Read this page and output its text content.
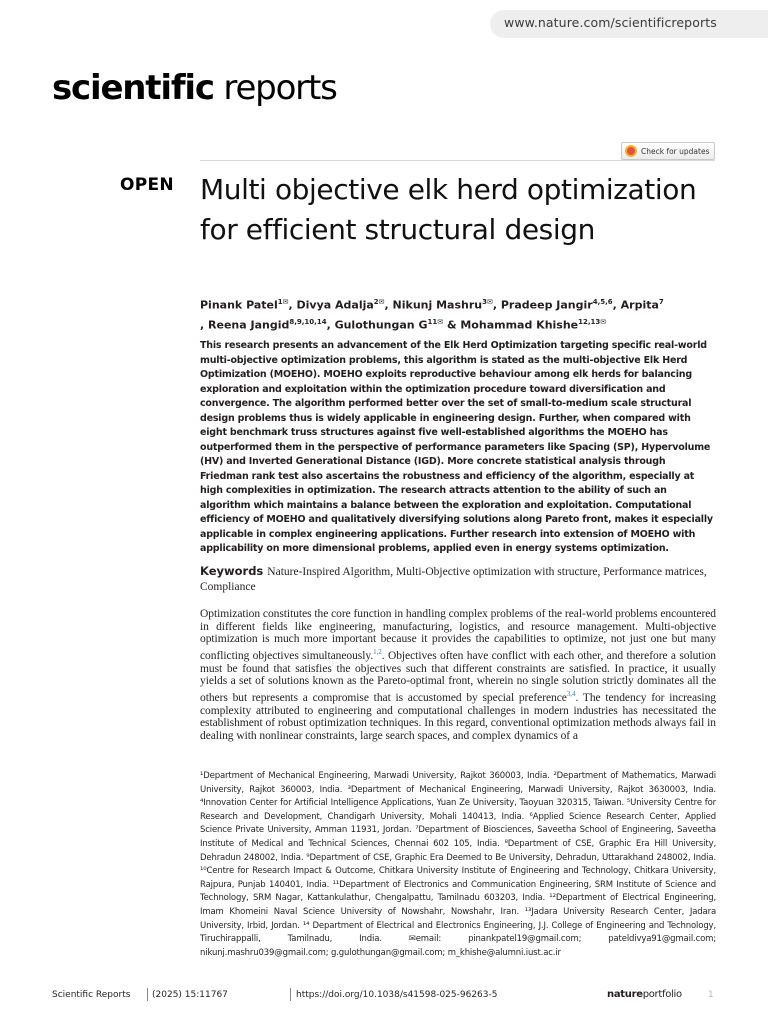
www.nature.com/scientificreports
scientific reports
Check for updates
OPEN Multi objective elk herd optimization for efficient structural design
Pinank Patel$^{1✉}$, Divya Adalja$^{2✉}$, Nikunj Mashru$^{3✉}$, Pradeep Jangir$^{4,5,6}$, Arpita$^7$
, Reena Jangid$^{8,9,10,14}$, Gulothungan $G^{11✉}$ & Mohammad Khishe$^{12,13✉}$

This research presents an advancement of the Elk Herd Optimization targeting specific real-world multi-objective optimization problems, this algorithm is stated as the multi-objective Elk Herd Optimization (MOEHO). MOEHO exploits reproductive behaviour among elk herds for balancing exploration and exploitation within the optimization procedure toward diversification and convergence. The algorithm performed better over the set of small-to-medium scale structural design problems thus is widely applicable in engineering design. Further, when compared with eight benchmark truss structures against five well-established algorithms the MOEHO has outperformed them in the perspective of performance parameters like Spacing (SP), Hypervolume (HV) and Inverted Generational Distance (IGD). More concrete statistical analysis through Friedman rank test also ascertains the robustness and efficiency of the algorithm, especially at high complexities in optimization. The research attracts attention to the ability of such an algorithm which maintains a balance between the exploration and exploitation. Computational efficiency of MOEHO and qualitatively diversifying solutions along Pareto front, makes it especially applicable in complex engineering applications. Further research into extension of MOEHO with applicability on more dimensional problems, applied even in energy systems optimization.

Keywords Nature-Inspired Algorithm, Multi-Objective optimization with structure, Performance matrices, Compliance

Optimization constitutes the core function in handling complex problems of the real-world problems encountered in different fields like engineering, manufacturing, logistics, and resource management. Multi-objective optimization is much more important because it provides the capabilities to optimize, not just one but many conflicting objectives simultaneously.$^{1,2}$. Objectives often have conflict with each other, and therefore a solution must be found that satisfies the objectives such that different constraints are satisfied. In practice, it usually yields a set of solutions known as the Pareto-optimal front, wherein no single solution strictly dominates all the others but represents a compromise that is accustomed by special preference$^{3,4}$. The tendency for increasing complexity attributed to engineering and computational challenges in modern industries has necessitated the establishment of robust optimization techniques. In this regard, conventional optimization methods always fail in dealing with nonlinear constraints, large search spaces, and complex dynamics of a

¹Department of Mechanical Engineering, Marwadi University, Rajkot 360003, India. ²Department of Mathematics, Marwadi University, Rajkot 360003, India. ³Department of Mechanical Engineering, Marwadi University, Rajkot 3630003, India. ⁴Innovation Center for Artificial Intelligence Applications, Yuan Ze University, Taoyuan 320315, Taiwan. ⁵University Centre for Research and Development, Chandigarh University, Mohali 140413, India. ⁶Applied Science Research Center, Applied Science Private University, Amman 11931, Jordan. ⁷Department of Biosciences, Saveetha School of Engineering, Saveetha Institute of Medical and Technical Sciences, Chennai 602 105, India. ⁸Department of CSE, Graphic Era Hill University, Dehradun 248002, India. ⁹Department of CSE, Graphic Era Deemed to Be University, Dehradun, Uttarakhand 248002, India. ¹⁰Centre for Research Impact & Outcome, Chitkara University Institute of Engineering and Technology, Chitkara University, Rajpura, Punjab 140401, India. ¹¹Department of Electronics and Communication Engineering, SRM Institute of Science and Technology, SRM Nagar, Kattankulathur, Chengalpattu, Tamilnadu 603203, India. ¹²Department of Electrical Engineering, Imam Khomeini Naval Science University of Nowshahr, Nowshahr, Iran. ¹³Jadara University Research Center, Jadara University, Irbid, Jordan. ¹⁴ Department of Electrical and Electronics Engineering, J.J. College of Engineering and Technology, Tiruchirappalli, Tamilnadu, India. ✉email: pinankpatel19@gmail.com; pateldivya91@gmail.com; nikunj.mashru039@gmail.com; g.gulothungan@gmail.com; m_khishe@alumni.iust.ac.ir

Scientific Reports (2025) 15:11767	https://doi.org/10.1038/s41598-025-96263-5	natureportfolio	1
